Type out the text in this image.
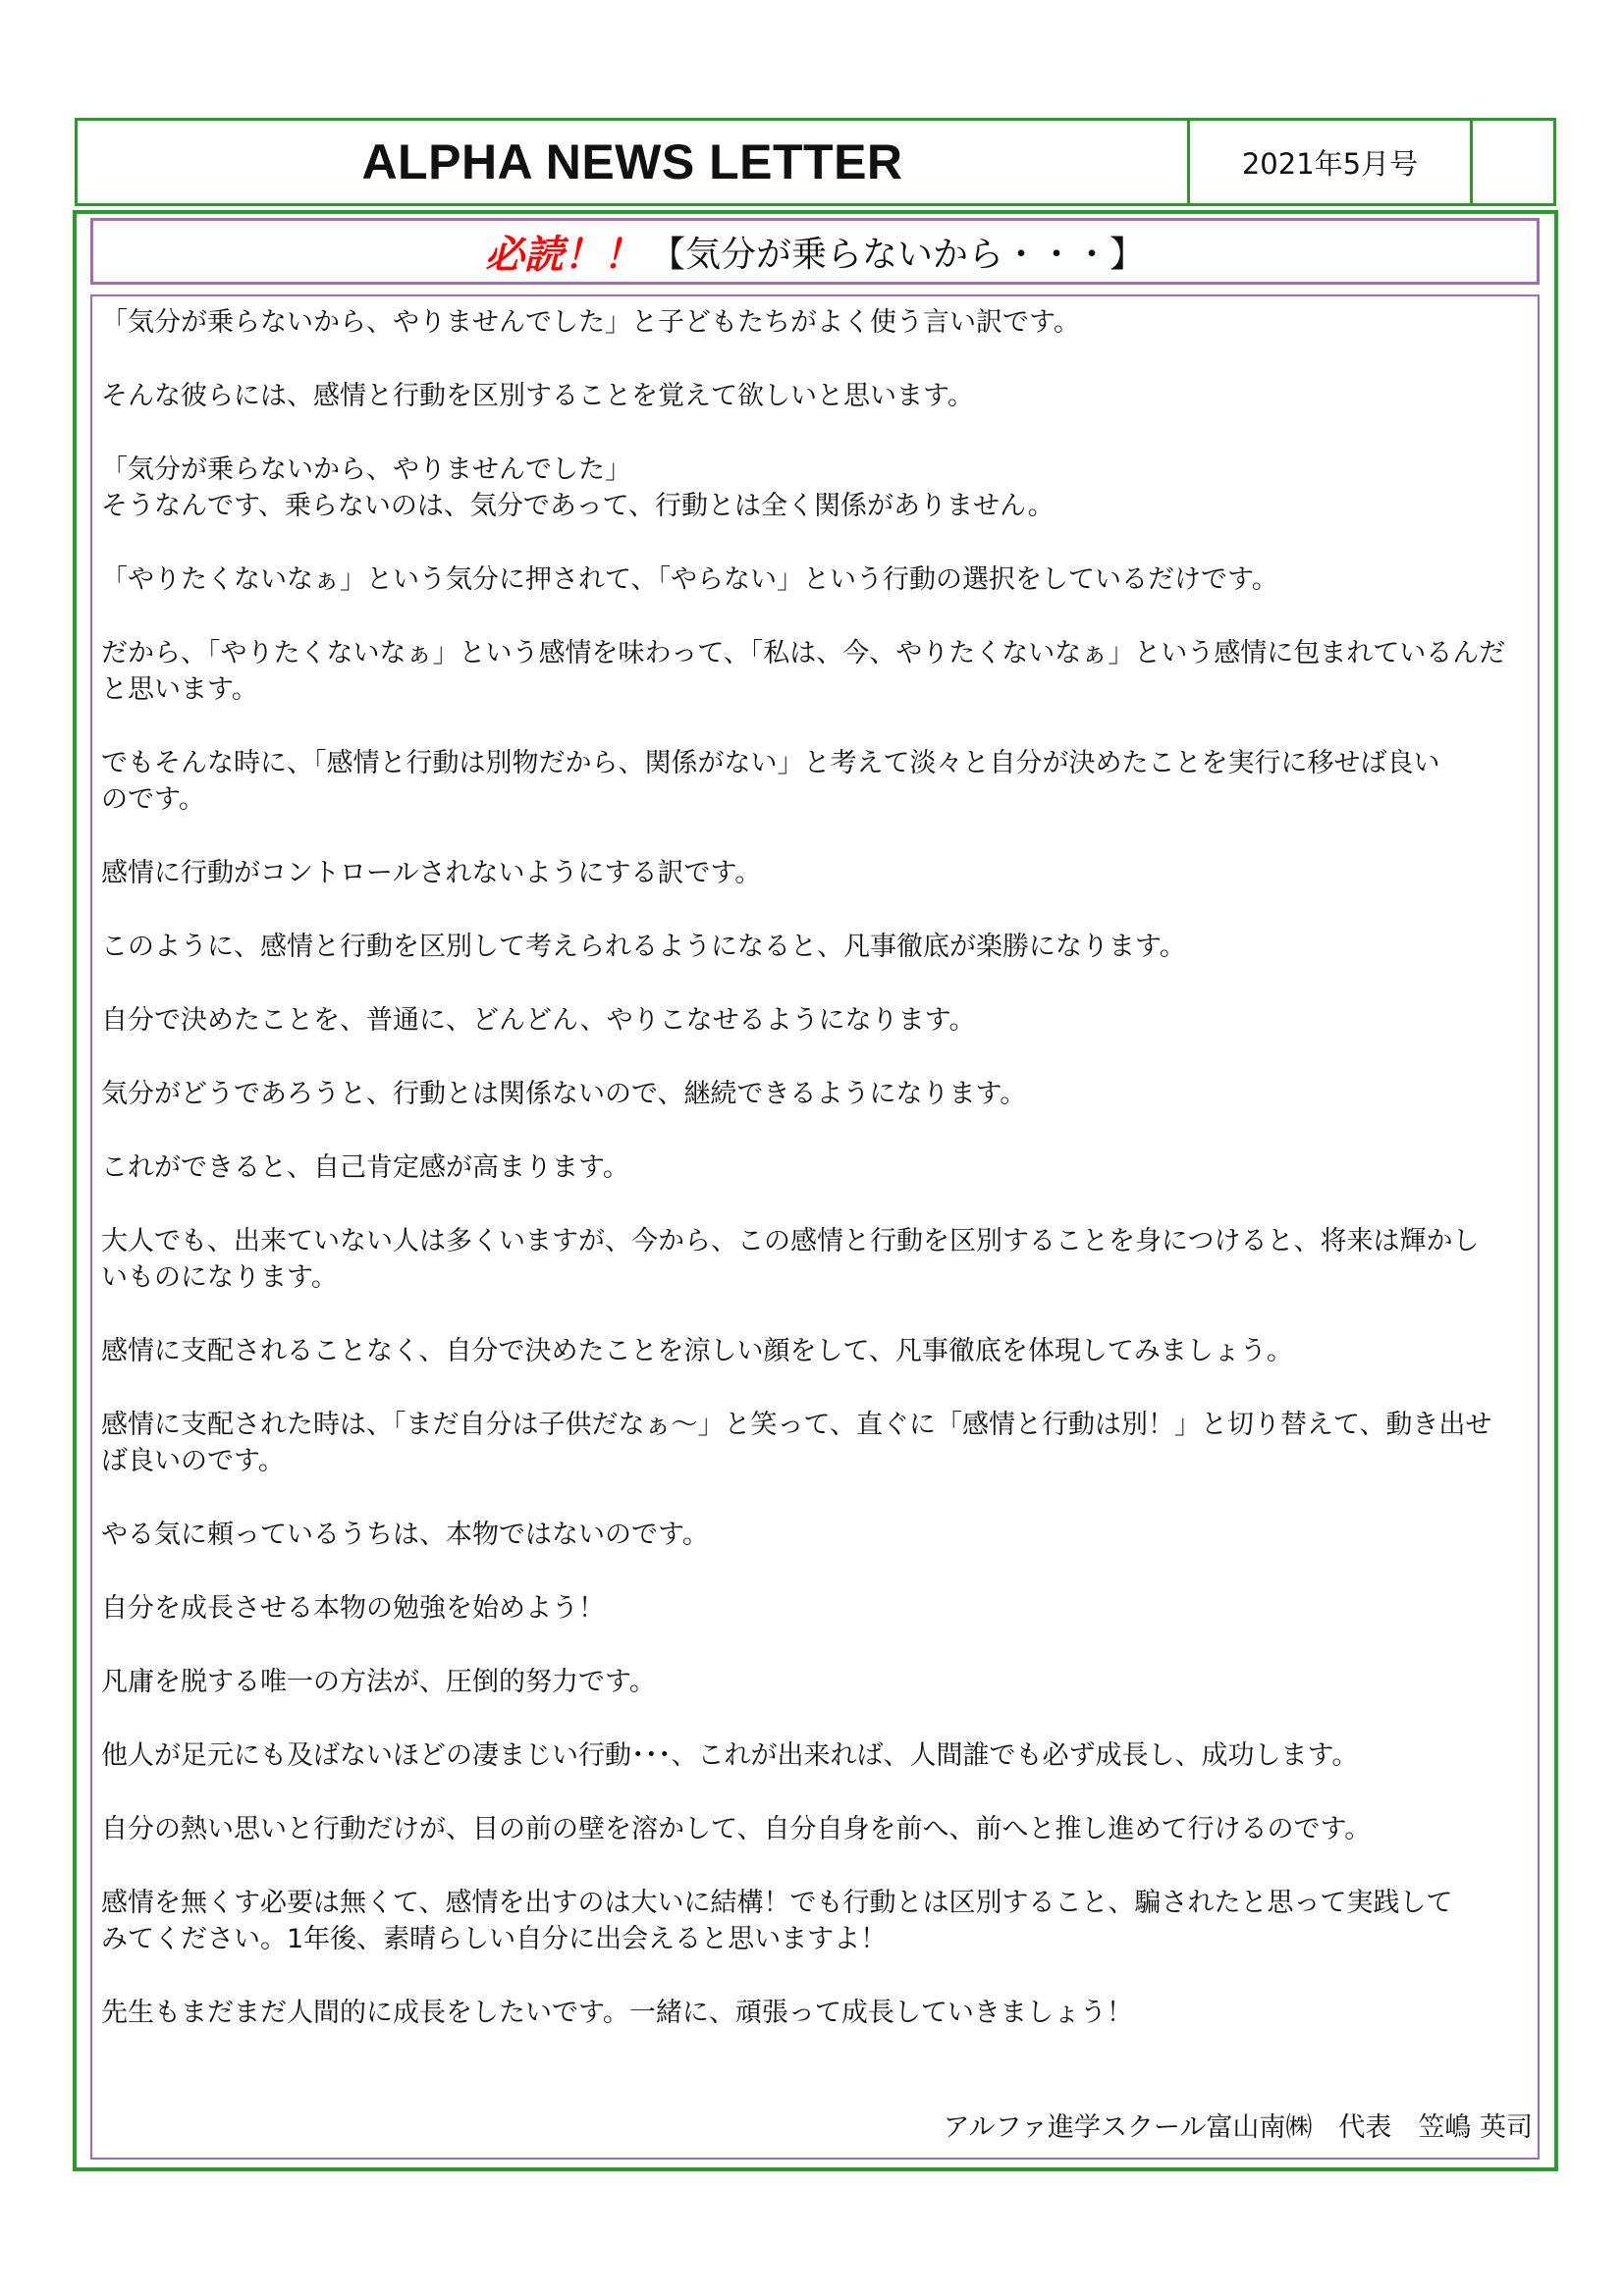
ALPHA NEWS LETTER	2021年5月号
必読！！ 【気分が乗らないから・・・】

「気分が乗らないから、やりませんでした」と子どもたちがよく使う言い訳です。

そんな彼らには、感情と行動を区別することを覚えて欲しいと思います。

「気分が乗らないから、やりませんでした」

そうなんです、乗らないのは、気分であって、行動とは全く関係がありません。

「やりたくないなぁ」という気分に押されて、「やらない」という行動の選択をしているだけです。

だから、「やりたくないなぁ」という感情を味わって、「私は、今、やりたくないなぁ」という感情に包まれているんだ

と思います。

でもそんな時に、「感情と行動は別物だから、関係がない」と考えて淡々と自分が決めたことを実行に移せば良い

のです。

感情に行動がコントロールされないようにする訳です。

このように、感情と行動を区別して考えられるようになると、凡事徹底が楽勝になります。

自分で決めたことを、普通に、どんどん、やりこなせるようになります。

気分がどうであろうと、行動とは関係ないので、継続できるようになります。

これができると、自己肯定感が高まります。

大人でも、出来ていない人は多くいますが、今から、この感情と行動を区別することを身につけると、将来は輝かし

いものになります。

感情に支配されることなく、自分で決めたことを涼しい顔をして、凡事徹底を体現してみましょう。

感情に支配された時は、「まだ自分は子供だなぁ～」と笑って、直ぐに「感情と行動は別！」と切り替えて、動き出せ

ば良いのです。

やる気に頼っているうちは、本物ではないのです。

自分を成長させる本物の勉強を始めよう！

凡庸を脱する唯一の方法が、圧倒的努力です。

他人が足元にも及ばないほどの凄まじい行動･･･、これが出来れば、人間誰でも必ず成長し、成功します。

自分の熱い思いと行動だけが、目の前の壁を溶かして、自分自身を前へ、前へと推し進めて行けるのです。

感情を無くす必要は無くて、感情を出すのは大いに結構！でも行動とは区別すること、騙されたと思って実践して

みてください。1年後、素晴らしい自分に出会えると思いますよ！

先生もまだまだ人間的に成長をしたいです。一緒に、頑張って成長していきましょう！

アルファ進学スクール富山南㈱　代表　笠嶋 英司
